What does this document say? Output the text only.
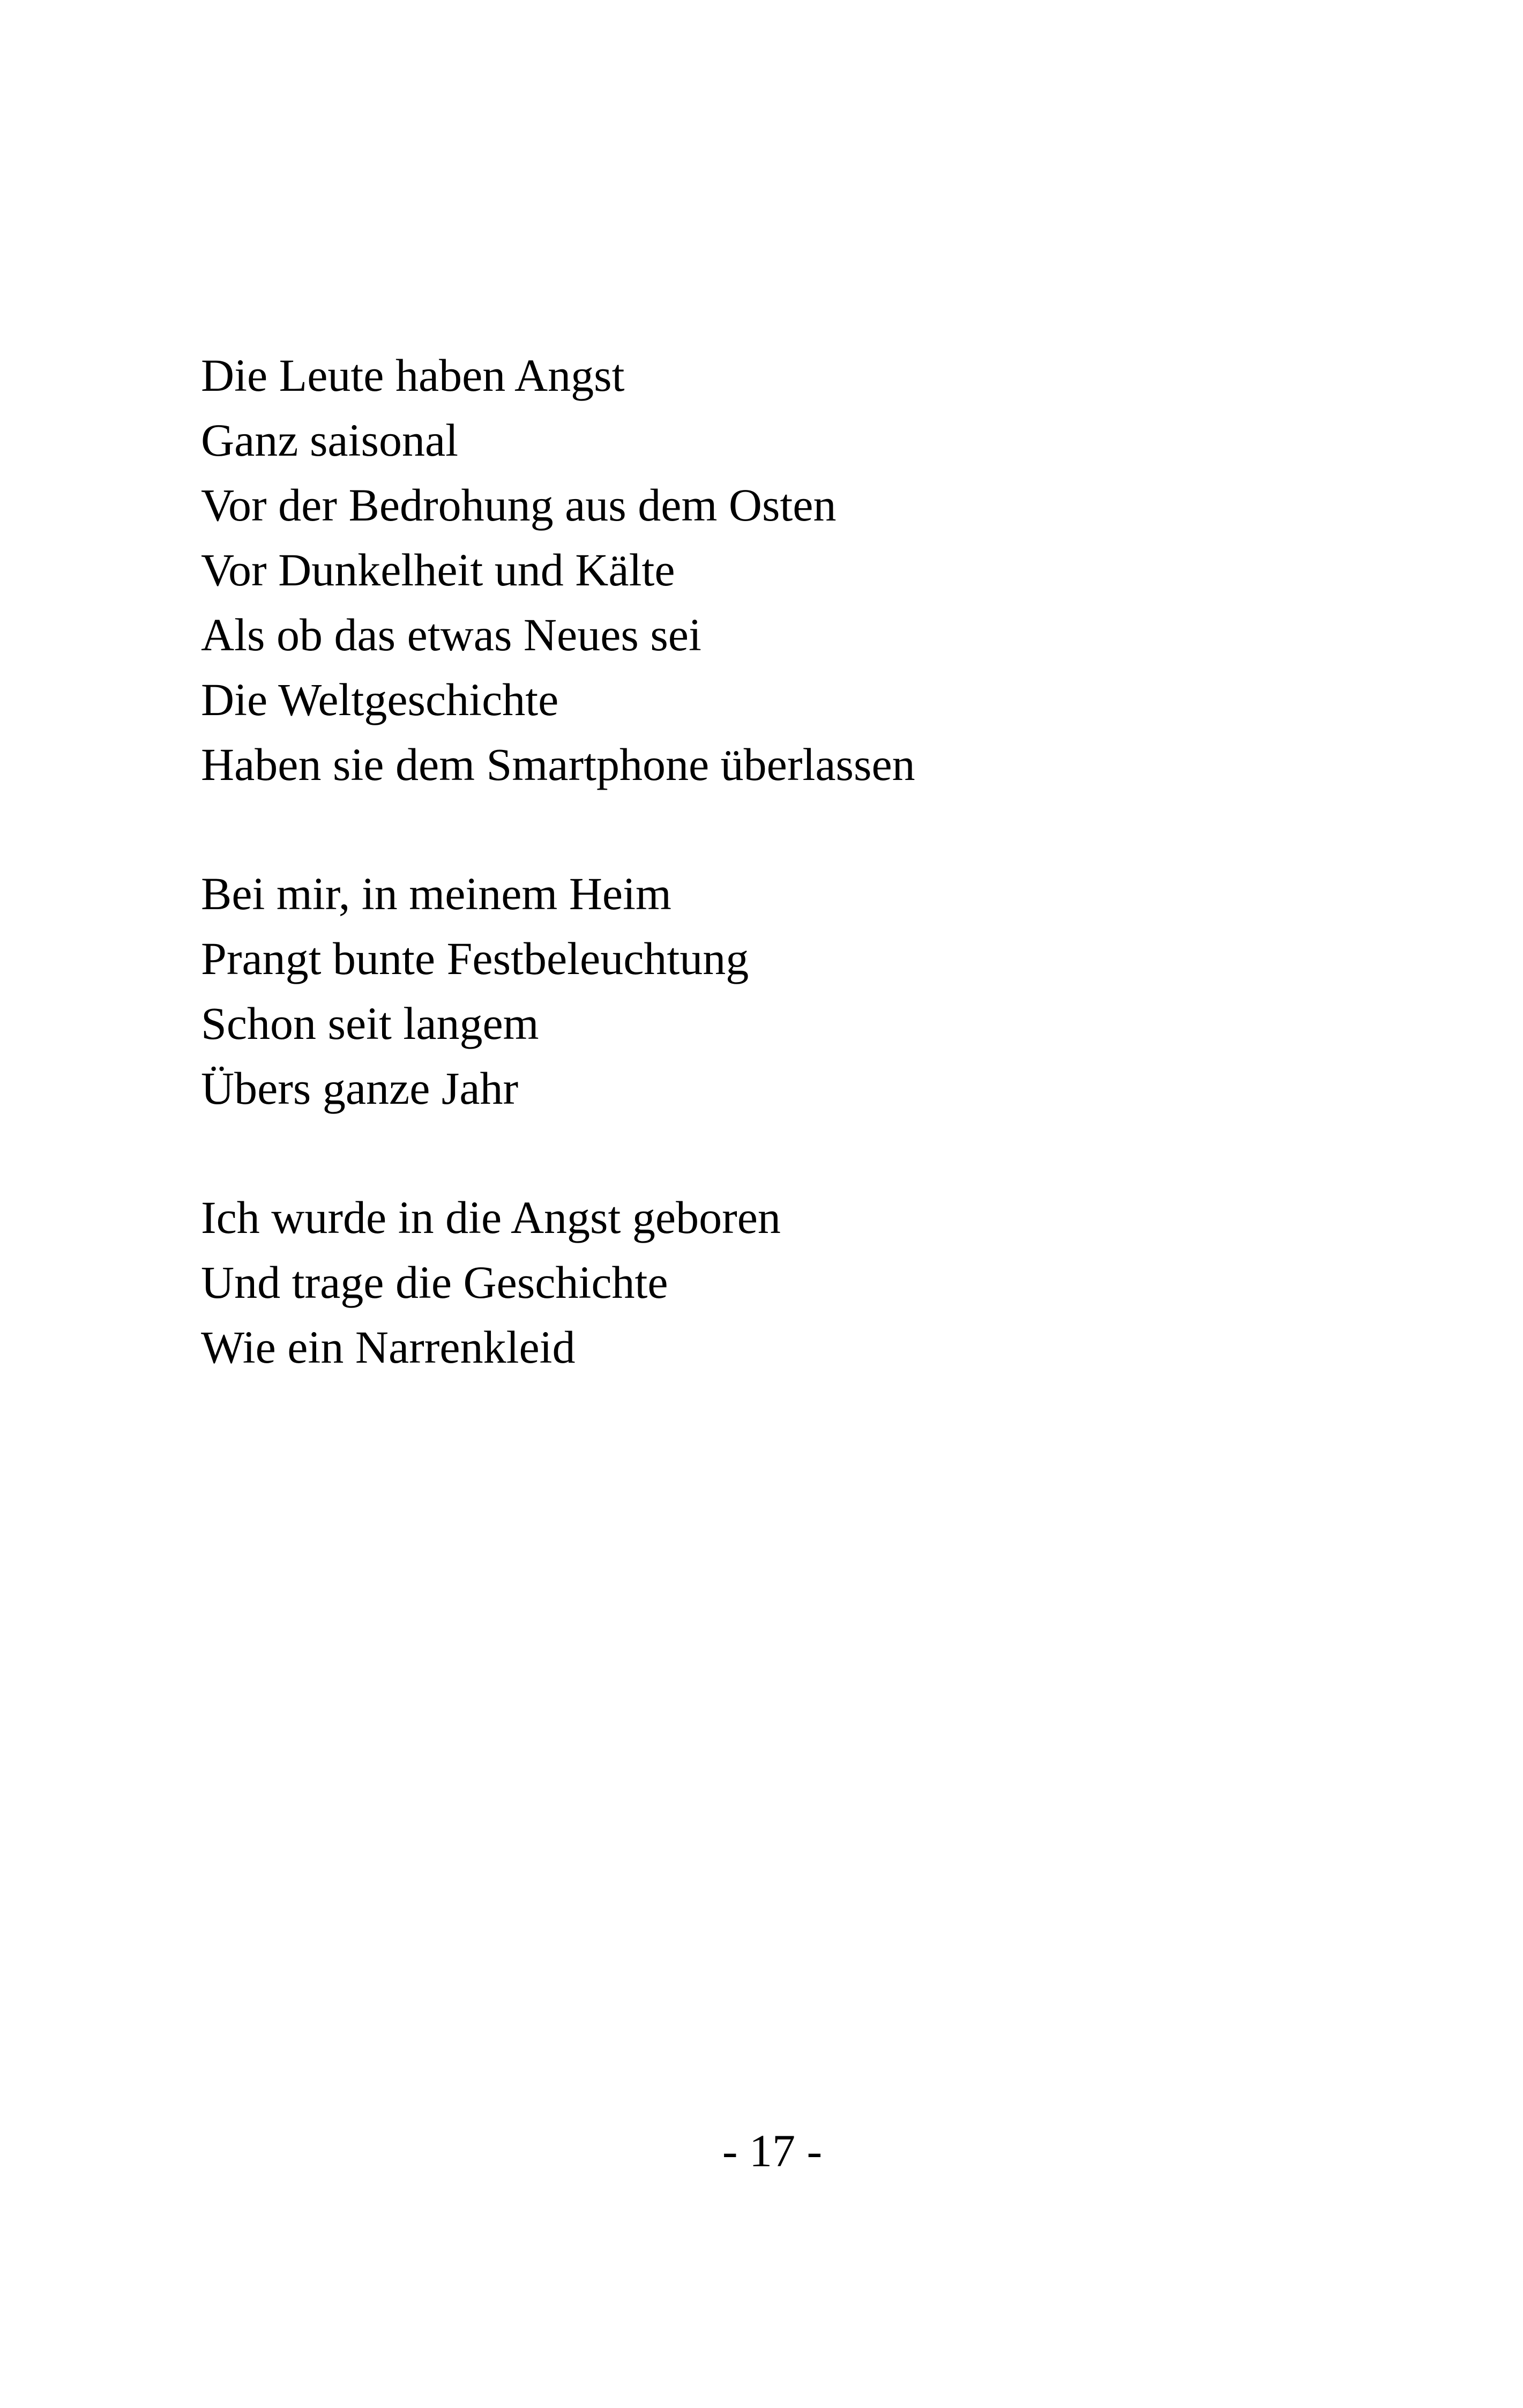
Die Leute haben Angst
Ganz saisonal
Vor der Bedrohung aus dem Osten
Vor Dunkelheit und Kälte
Als ob das etwas Neues sei
Die Weltgeschichte
Haben sie dem Smartphone überlassen
Bei mir, in meinem Heim
Prangt bunte Festbeleuchtung
Schon seit langem
Übers ganze Jahr
Ich wurde in die Angst geboren
Und trage die Geschichte
Wie ein Narrenkleid
- 17 -
